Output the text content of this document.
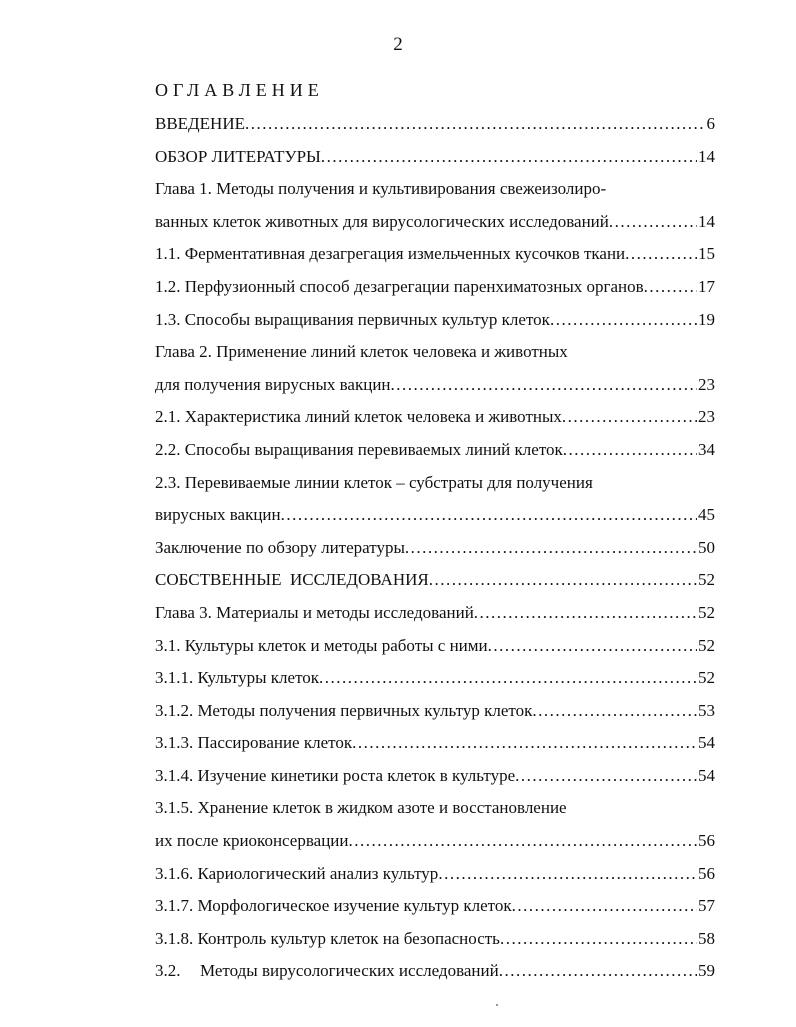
2
ОГЛАВЛЕНИЕ
ВВЕДЕНИЕ .....	6
ОБЗОР ЛИТЕРАТУРЫ .....	14
Глава 1. Методы получения и культивирования свежеизолиро-
ванных клеток животных для вирусологических исследований .....	14
1.1. Ферментативная дезагрегация измельченных кусочков ткани .....	15
1.2. Перфузионный способ дезагрегации паренхиматозных органов .....	17
1.3. Способы выращивания первичных культур клеток .....	19
Глава 2. Применение линий клеток человека и животных
для получения вирусных вакцин .....	23
2.1. Характеристика линий клеток человека и животных .....	23
2.2. Способы выращивания перевиваемых линий клеток .....	34
2.3. Перевиваемые линии клеток – субстраты для получения
вирусных вакцин .....	45
Заключение по обзору литературы .....	50
СОБСТВЕННЫЕ  ИССЛЕДОВАНИЯ .....	52
Глава 3. Материалы и методы исследований .....	52
3.1. Культуры клеток и методы работы с ними .....	52
3.1.1. Культуры клеток .....	52
3.1.2. Методы получения первичных культур клеток .....	53
3.1.3. Пассирование клеток .....	54
3.1.4. Изучение кинетики роста клеток в культуре .....	54
3.1.5. Хранение клеток в жидком азоте и восстановление
их после криоконсервации .....	56
3.1.6. Кариологический анализ культур .....	56
3.1.7. Морфологическое изучение культур клеток .....	57
3.1.8. Контроль культур клеток на безопасность .....	58
3.2.	Методы вирусологических исследований .....	59
